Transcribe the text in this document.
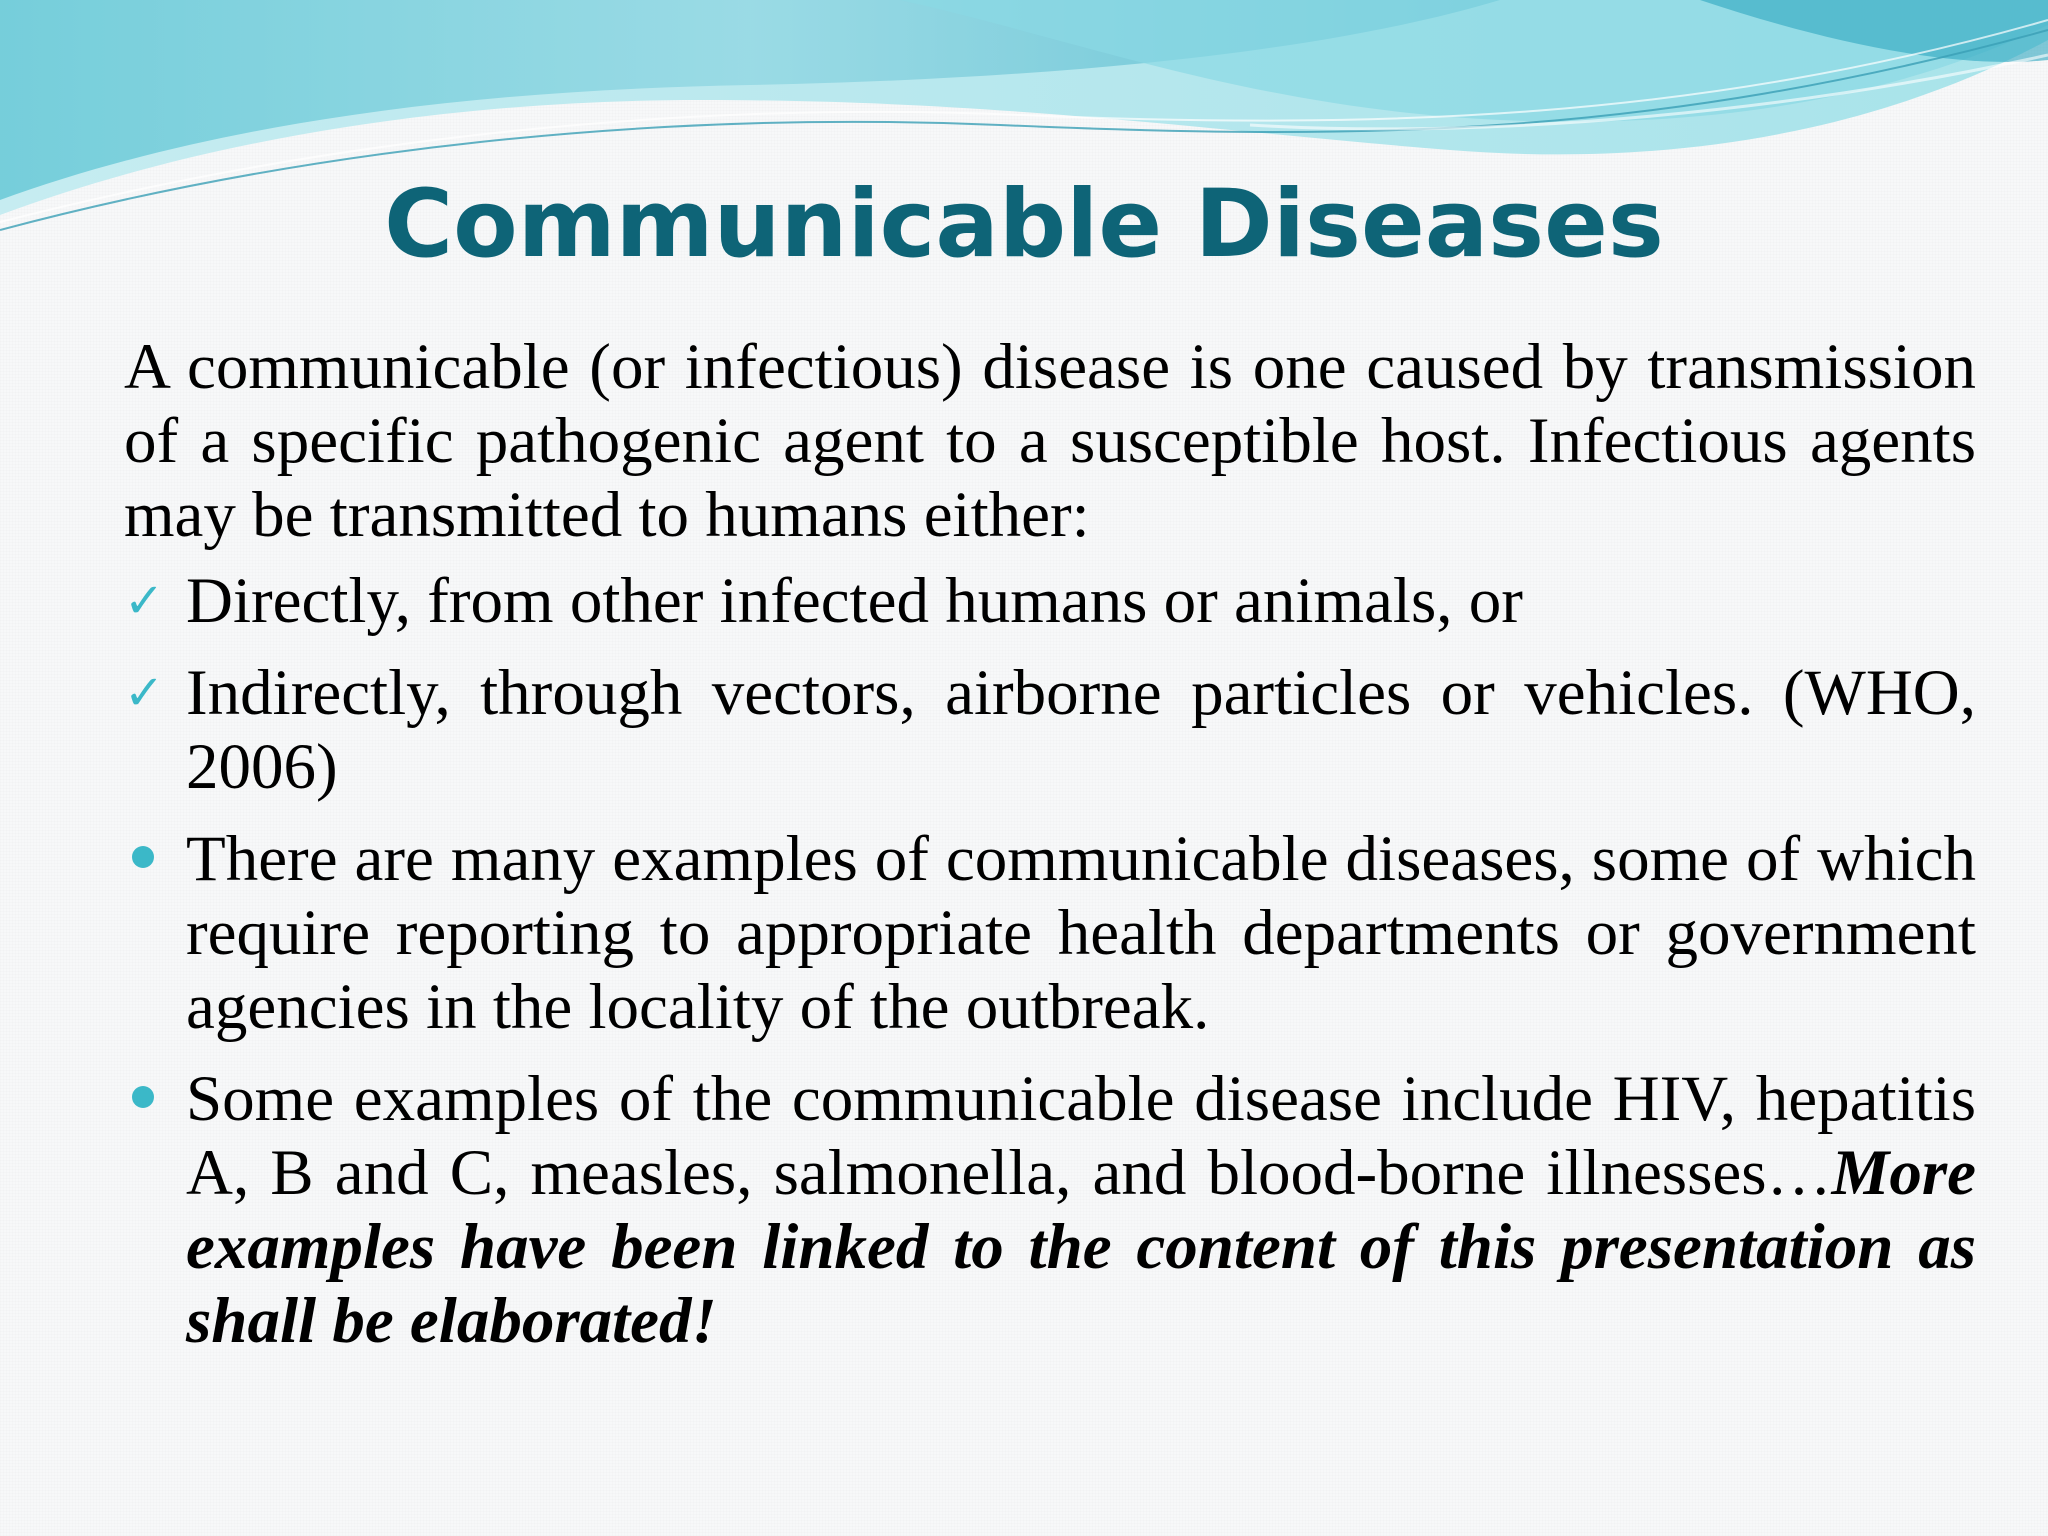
Communicable Diseases
A communicable (or infectious) disease is one caused by transmission of a specific pathogenic agent to a susceptible host. Infectious agents may be transmitted to humans either:
✓ Directly, from other infected humans or animals, or
✓ Indirectly, through vectors, airborne particles or vehicles. (WHO, 2006)
There are many examples of communicable diseases, some of which require reporting to appropriate health departments or government agencies in the locality of the outbreak.
Some examples of the communicable disease include HIV, hepatitis A, B and C, measles, salmonella, and blood-borne illnesses…More examples have been linked to the content of this presentation as shall be elaborated!
